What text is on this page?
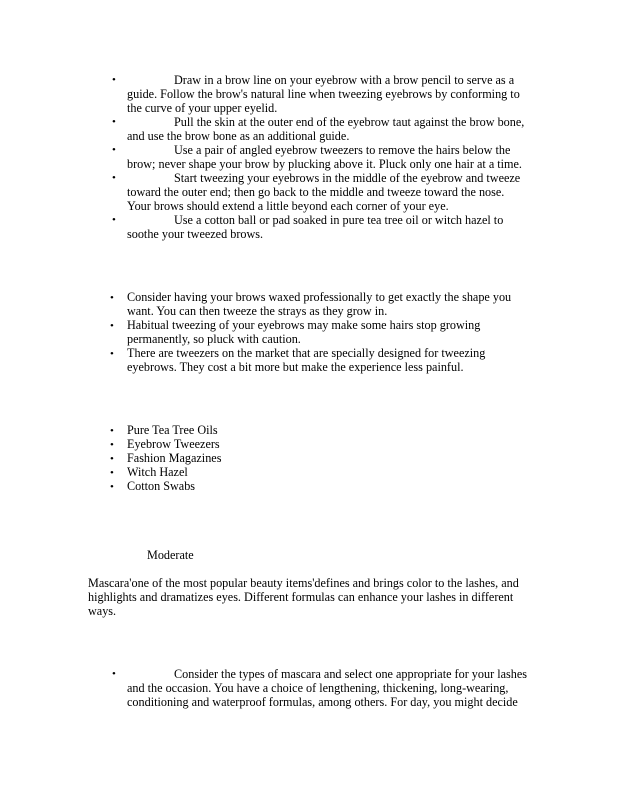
•	Draw in a brow line on your eyebrow with a brow pencil to serve as a guide. Follow the brow's natural line when tweezing eyebrows by conforming to the curve of your upper eyelid.
•	Pull the skin at the outer end of the eyebrow taut against the brow bone, and use the brow bone as an additional guide.
•	Use a pair of angled eyebrow tweezers to remove the hairs below the brow; never shape your brow by plucking above it. Pluck only one hair at a time.
•	Start tweezing your eyebrows in the middle of the eyebrow and tweeze toward the outer end; then go back to the middle and tweeze toward the nose. Your brows should extend a little beyond each corner of your eye.
•	Use a cotton ball or pad soaked in pure tea tree oil or witch hazel to soothe your tweezed brows.
• Consider having your brows waxed professionally to get exactly the shape you want. You can then tweeze the strays as they grow in.
• Habitual tweezing of your eyebrows may make some hairs stop growing permanently, so pluck with caution.
• There are tweezers on the market that are specially designed for tweezing eyebrows. They cost a bit more but make the experience less painful.
• Pure Tea Tree Oils
• Eyebrow Tweezers
• Fashion Magazines
• Witch Hazel
• Cotton Swabs

Moderate

Mascara'one of the most popular beauty items'defines and brings color to the lashes, and highlights and dramatizes eyes. Different formulas can enhance your lashes in different ways.

•	Consider the types of mascara and select one appropriate for your lashes and the occasion. You have a choice of lengthening, thickening, long-wearing, conditioning and waterproof formulas, among others. For day, you might decide
